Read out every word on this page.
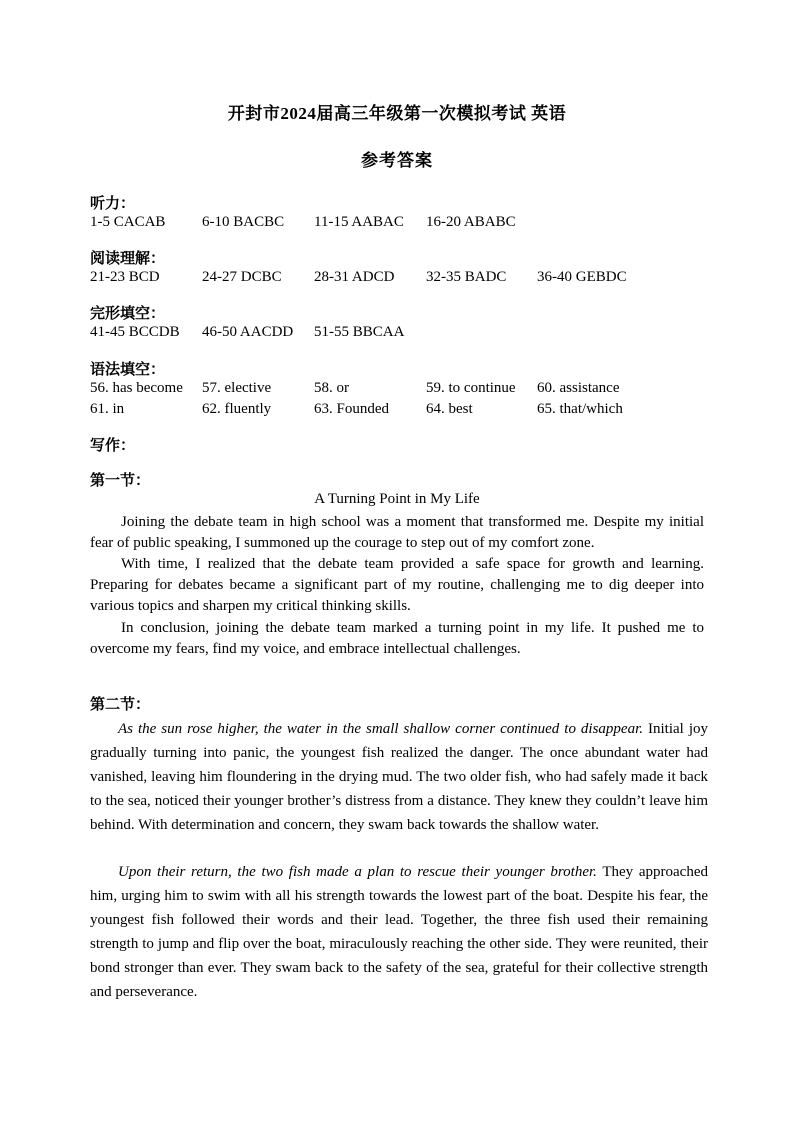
开封市2024届高三年级第一次模拟考试 英语
参考答案
听力：
1-5 CACAB 6-10 BACBC 11-15 AABAC 16-20 ABABC
阅读理解：
21-23 BCD	24-27 DCBC 28-31 ADCD 32-35 BADC 36-40 GEBDC
完形填空：
41-45 BCCDB 46-50 AACDD 51-55 BBCAA
语法填空：
56. has become 57. elective	58. or	59. to continue 60. assistance
61. in	62. fluently	63. Founded 64. best	65. that/which
写作：
第一节：
A Turning Point in My Life

Joining the debate team in high school was a moment that transformed me. Despite my initial fear of public speaking, I summoned up the courage to step out of my comfort zone.

With time, I realized that the debate team provided a safe space for growth and learning. Preparing for debates became a significant part of my routine, challenging me to dig deeper into various topics and sharpen my critical thinking skills.

In conclusion, joining the debate team marked a turning point in my life. It pushed me to overcome my fears, find my voice, and embrace intellectual challenges.

第二节：

As the sun rose higher, the water in the small shallow corner continued to disappear. Initial joy gradually turning into panic, the youngest fish realized the danger. The once abundant water had vanished, leaving him floundering in the drying mud. The two older fish, who had safely made it back to the sea, noticed their younger brother’s distress from a distance. They knew they couldn’t leave him behind. With determination and concern, they swam back towards the shallow water.

Upon their return, the two fish made a plan to rescue their younger brother. They approached him, urging him to swim with all his strength towards the lowest part of the boat. Despite his fear, the youngest fish followed their words and their lead. Together, the three fish used their remaining strength to jump and flip over the boat, miraculously reaching the other side. They were reunited, their bond stronger than ever. They swam back to the safety of the sea, grateful for their collective strength and perseverance.
